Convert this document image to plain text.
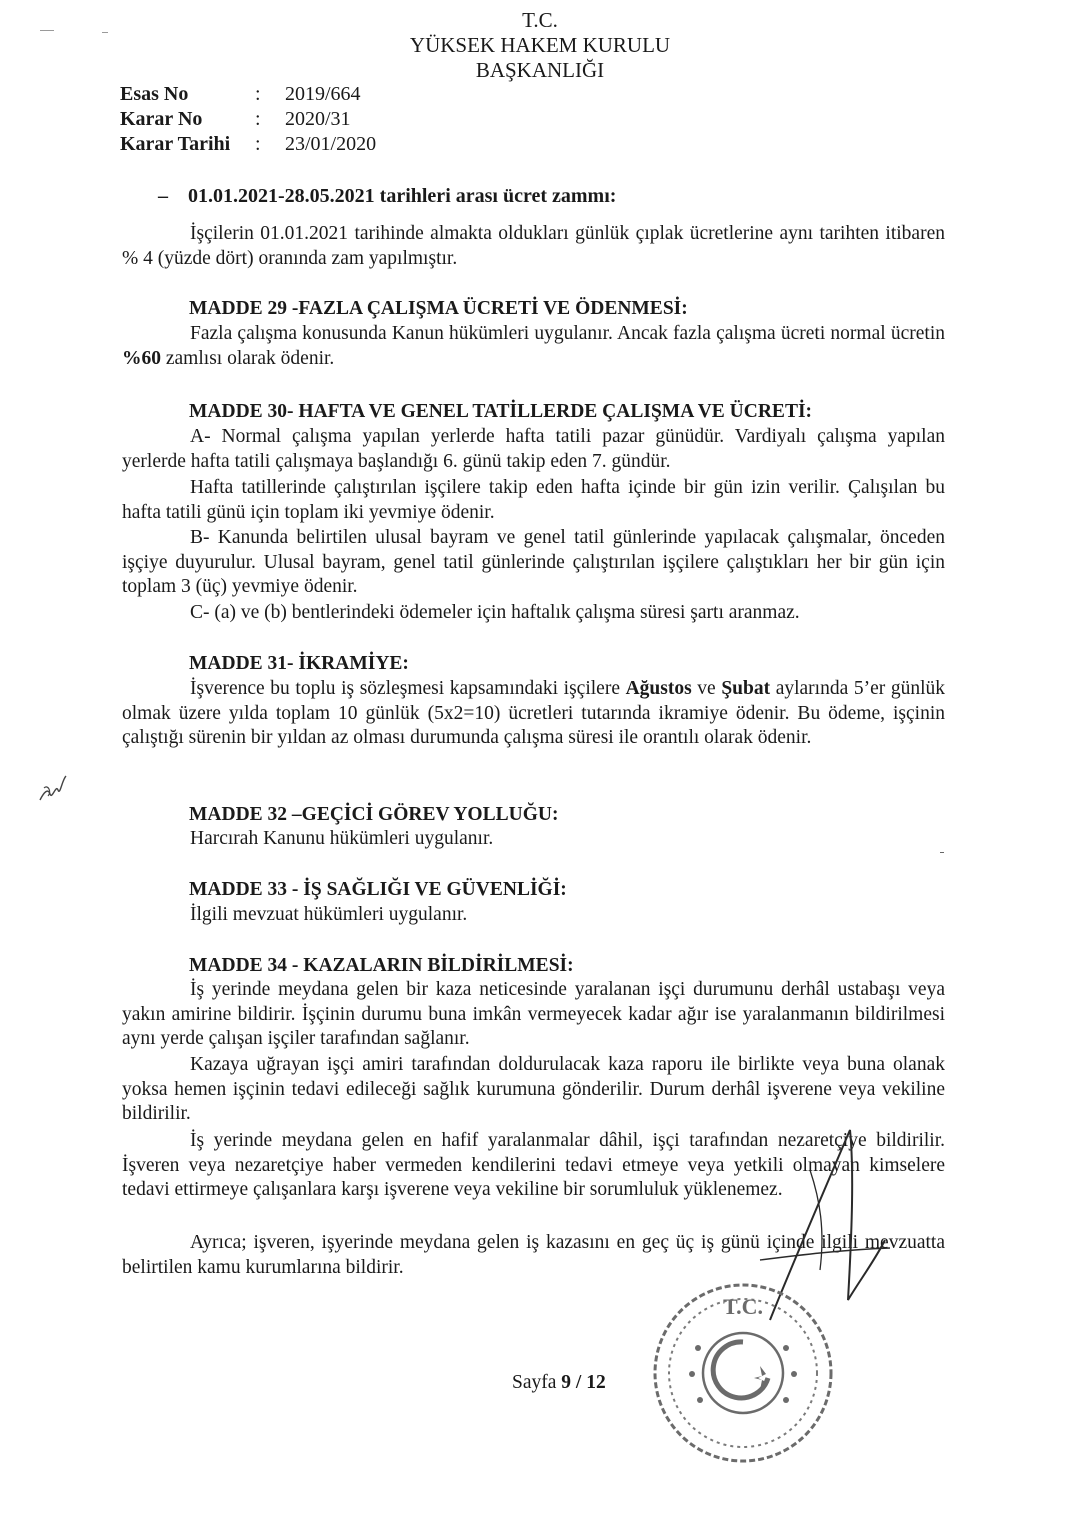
T.C.
YÜKSEK HAKEM KURULU
BAŞKANLIĞI
Esas No	:	2019/664
Karar No	:	2020/31
Karar Tarihi	:	23/01/2020
– 01.01.2021-28.05.2021 tarihleri arası ücret zammı:
İşçilerin 01.01.2021 tarihinde almakta oldukları günlük çıplak ücretlerine aynı tarihten itibaren % 4 (yüzde dört) oranında zam yapılmıştır.
MADDE 29 -FAZLA ÇALIŞMA ÜCRETİ VE ÖDENMESİ:
Fazla çalışma konusunda Kanun hükümleri uygulanır. Ancak fazla çalışma ücreti normal ücretin %60 zamlısı olarak ödenir.
MADDE 30- HAFTA VE GENEL TATİLLERDE ÇALIŞMA VE ÜCRETİ:
A- Normal çalışma yapılan yerlerde hafta tatili pazar günüdür. Vardiyalı çalışma yapılan yerlerde hafta tatili çalışmaya başlandığı 6. günü takip eden 7. gündür.
Hafta tatillerinde çalıştırılan işçilere takip eden hafta içinde bir gün izin verilir. Çalışılan bu hafta tatili günü için toplam iki yevmiye ödenir.
B- Kanunda belirtilen ulusal bayram ve genel tatil günlerinde yapılacak çalışmalar, önceden işçiye duyurulur. Ulusal bayram, genel tatil günlerinde çalıştırılan işçilere çalıştıkları her bir gün için toplam 3 (üç) yevmiye ödenir.
C- (a) ve (b) bentlerindeki ödemeler için haftalık çalışma süresi şartı aranmaz.
MADDE 31- İKRAMİYE:
İşverence bu toplu iş sözleşmesi kapsamındaki işçilere Ağustos ve Şubat aylarında 5’er günlük olmak üzere yılda toplam 10 günlük (5x2=10) ücretleri tutarında ikramiye ödenir. Bu ödeme, işçinin çalıştığı sürenin bir yıldan az olması durumunda çalışma süresi ile orantılı olarak ödenir.
MADDE 32 –GEÇİCİ GÖREV YOLLUĞU:
Harcırah Kanunu hükümleri uygulanır.
MADDE 33 - İŞ SAĞLIĞI VE GÜVENLİĞİ:
İlgili mevzuat hükümleri uygulanır.
MADDE 34 - KAZALARIN BİLDİRİLMESİ:
İş yerinde meydana gelen bir kaza neticesinde yaralanan işçi durumunu derhâl ustabaşı veya yakın amirine bildirir. İşçinin durumu buna imkân vermeyecek kadar ağır ise yaralanmanın bildirilmesi aynı yerde çalışan işçiler tarafından sağlanır.
Kazaya uğrayan işçi amiri tarafından doldurulacak kaza raporu ile birlikte veya buna olanak yoksa hemen işçinin tedavi edileceği sağlık kurumuna gönderilir. Durum derhâl işverene veya vekiline bildirilir.
İş yerinde meydana gelen en hafif yaralanmalar dâhil, işçi tarafından nezaretçiye bildirilir. İşveren veya nezaretçiye haber vermeden kendilerini tedavi etmeye veya yetkili olmayan kimselere tedavi ettirmeye çalışanlara karşı işverene veya vekiline bir sorumluluk yüklenemez.
Ayrıca; işveren, işyerinde meydana gelen iş kazasını en geç üç iş günü içinde ilgili mevzuatta belirtilen kamu kurumlarına bildirir.
T.C.
Sayfa 9 / 12
